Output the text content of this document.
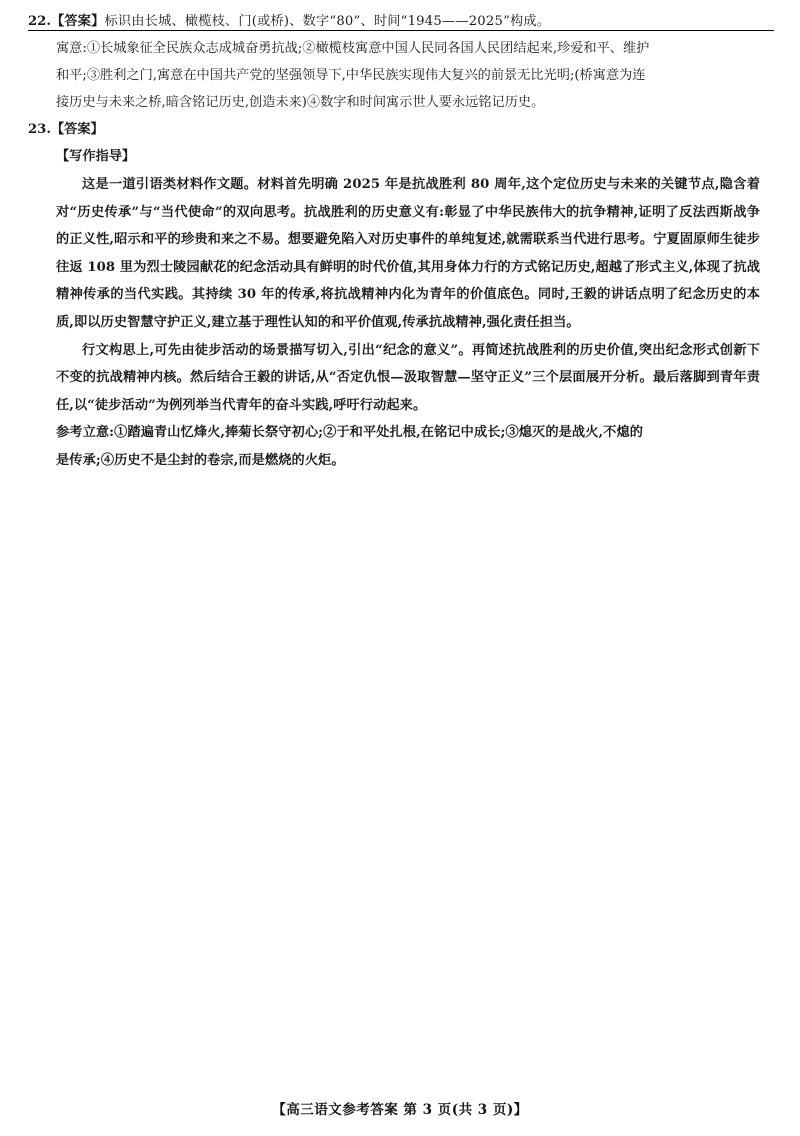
22. 【答案】标识由长城、橄榄枝、门(或桥)、数字“80”、时间“1945——2025”构成。
寓意:①长城象征全民族众志成城奋勇抗战;②橄榄枝寓意中国人民同各国人民团结起来,珍爱和平、维护
和平;③胜利之门,寓意在中国共产党的坚强领导下,中华民族实现伟大复兴的前景无比光明;(桥寓意为连
接历史与未来之桥,暗含铭记历史,创造未来)④数字和时间寓示世人要永远铭记历史。
23. 【答案】
【写作指导】
这是一道引语类材料作文题。材料首先明确 2025 年是抗战胜利 80 周年,这个定位历史与未来的关键节点,隐含着对“历史传承”与“当代使命”的双向思考。抗战胜利的历史意义有:彰显了中华民族伟大的抗争精神,证明了反法西斯战争的正义性,昭示和平的珍贵和来之不易。想要避免陷入对历史事件的单纯复述,就需联系当代进行思考。宁夏固原师生徒步往返 108 里为烈士陵园献花的纪念活动具有鲜明的时代价值,其用身体力行的方式铭记历史,超越了形式主义,体现了抗战精神传承的当代实践。其持续 30 年的传承,将抗战精神内化为青年的价值底色。同时,王毅的讲话点明了纪念历史的本质,即以历史智慧守护正义,建立基于理性认知的和平价值观,传承抗战精神,强化责任担当。
行文构思上,可先由徒步活动的场景描写切入,引出“纪念的意义”。再简述抗战胜利的历史价值,突出纪念形式创新下不变的抗战精神内核。然后结合王毅的讲话,从“否定仇恨—汲取智慧—坚守正义”三个层面展开分析。最后落脚到青年责任,以“徒步活动”为例列举当代青年的奋斗实践,呼吁行动起来。
参考立意:①踏遍青山忆烽火,捧菊长祭守初心;②于和平处扎根,在铭记中成长;③熄灭的是战火,不熄的
是传承;④历史不是尘封的卷宗,而是燃烧的火炬。
【高三语文参考答案 第 3 页(共 3 页)】
